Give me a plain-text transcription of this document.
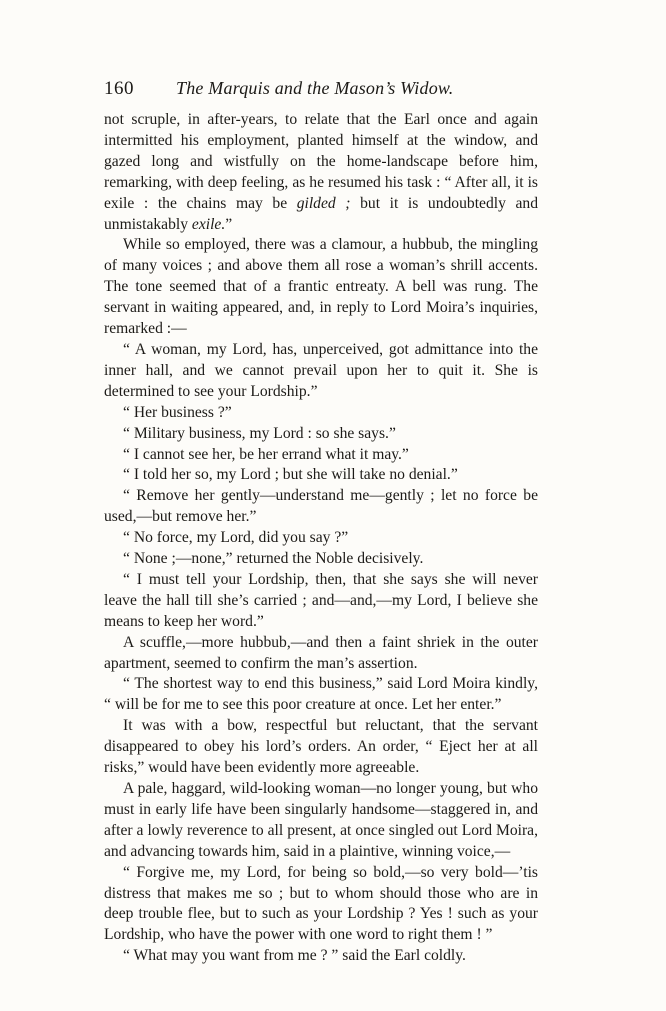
160 The Marquis and the Mason’s Widow.

not scruple, in after-years, to relate that the Earl once and again intermitted his employment, planted himself at the window, and gazed long and wistfully on the home-landscape before him, remarking, with deep feeling, as he resumed his task : “ After all, it is exile : the chains may be gilded ; but it is undoubtedly and unmistakably exile.”

While so employed, there was a clamour, a hubbub, the mingling of many voices ; and above them all rose a woman’s shrill accents. The tone seemed that of a frantic entreaty. A bell was rung. The servant in waiting appeared, and, in reply to Lord Moira’s inquiries, remarked :—

“ A woman, my Lord, has, unperceived, got admittance into the inner hall, and we cannot prevail upon her to quit it. She is determined to see your Lordship.”

“ Her business ?”

“ Military business, my Lord : so she says.”

“ I cannot see her, be her errand what it may.”

“ I told her so, my Lord ; but she will take no denial.”

“ Remove her gently—understand me—gently ; let no force be used,—but remove her.”

“ No force, my Lord, did you say ?”

“ None ;—none,” returned the Noble decisively.

“ I must tell your Lordship, then, that she says she will never leave the hall till she’s carried ; and—and,—my Lord, I believe she means to keep her word.”

A scuffle,—more hubbub,—and then a faint shriek in the outer apartment, seemed to confirm the man’s assertion.

“ The shortest way to end this business,” said Lord Moira kindly, “ will be for me to see this poor creature at once. Let her enter.”

It was with a bow, respectful but reluctant, that the servant disappeared to obey his lord’s orders. An order, “ Eject her at all risks,” would have been evidently more agreeable.

A pale, haggard, wild-looking woman—no longer young, but who must in early life have been singularly handsome—staggered in, and after a lowly reverence to all present, at once singled out Lord Moira, and advancing towards him, said in a plaintive, winning voice,—

“ Forgive me, my Lord, for being so bold,—so very bold—’tis distress that makes me so ; but to whom should those who are in deep trouble flee, but to such as your Lordship ? Yes ! such as your Lordship, who have the power with one word to right them ! ”

“ What may you want from me ? ” said the Earl coldly.
